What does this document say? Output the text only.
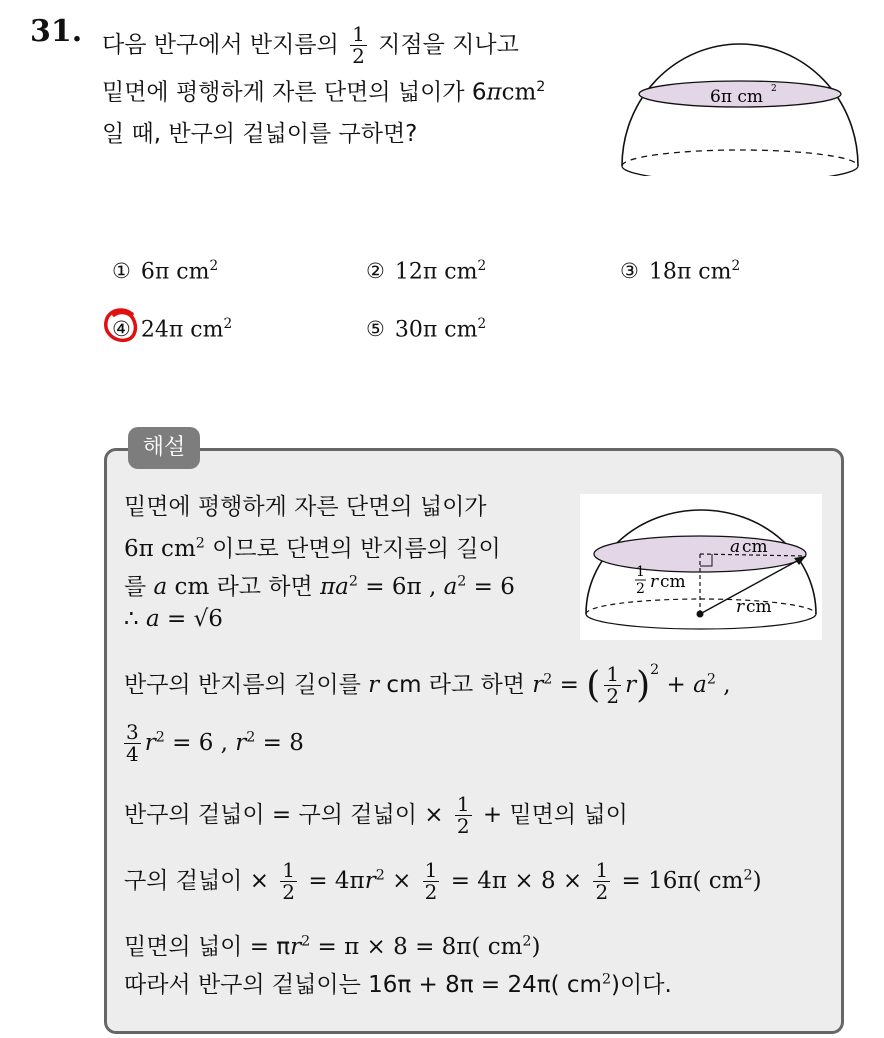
31. 다음 반구에서 반지름의 $\frac{1}{2}$ 지점을 지나고
밑면에 평행하게 자른 단면의 넓이가 6πcm$^2$
일 때, 반구의 겉넓이를 구하면?
6π cm 2
① 6π $cm^2$	② 12π $cm^2$	③ 18π $cm^2$
④ 24π $cm^2$	⑤ 30π $cm^2$
해설
a cm
1
2 r cm
r cm
밑면에 평행하게 자른 단면의 넓이가
6π $cm^2$ 이므로 단면의 반지름의 길이
를 a cm 라고 하면 $\pi a^2 = 6\pi$ , $a^2 = 6$
∴ a = √6
반구의 반지름의 길이를 r cm 라고 하면 $r^2$ = ( $\frac{1}{2} r)^2 + a^2$ ,
$\frac{3}{4} r^2 = 6$ , $r^2 = 8$
반구의 겉넓이 = 구의 겉넓이 × $\frac{1}{2}$ + 밑면의 넓이
구의 겉넓이 × $\frac{1}{2} = 4\pi r^2 \times \frac{1}{2} = 4\pi \times 8 \times \frac{1}{2} = 16\pi$( $cm^2$)
밑면의 넓이 = $\pi r^2 = \pi \times 8 = 8\pi$( $cm^2$)
따라서 반구의 겉넓이는 16π + 8π = 24π( $cm^2$)이다.
